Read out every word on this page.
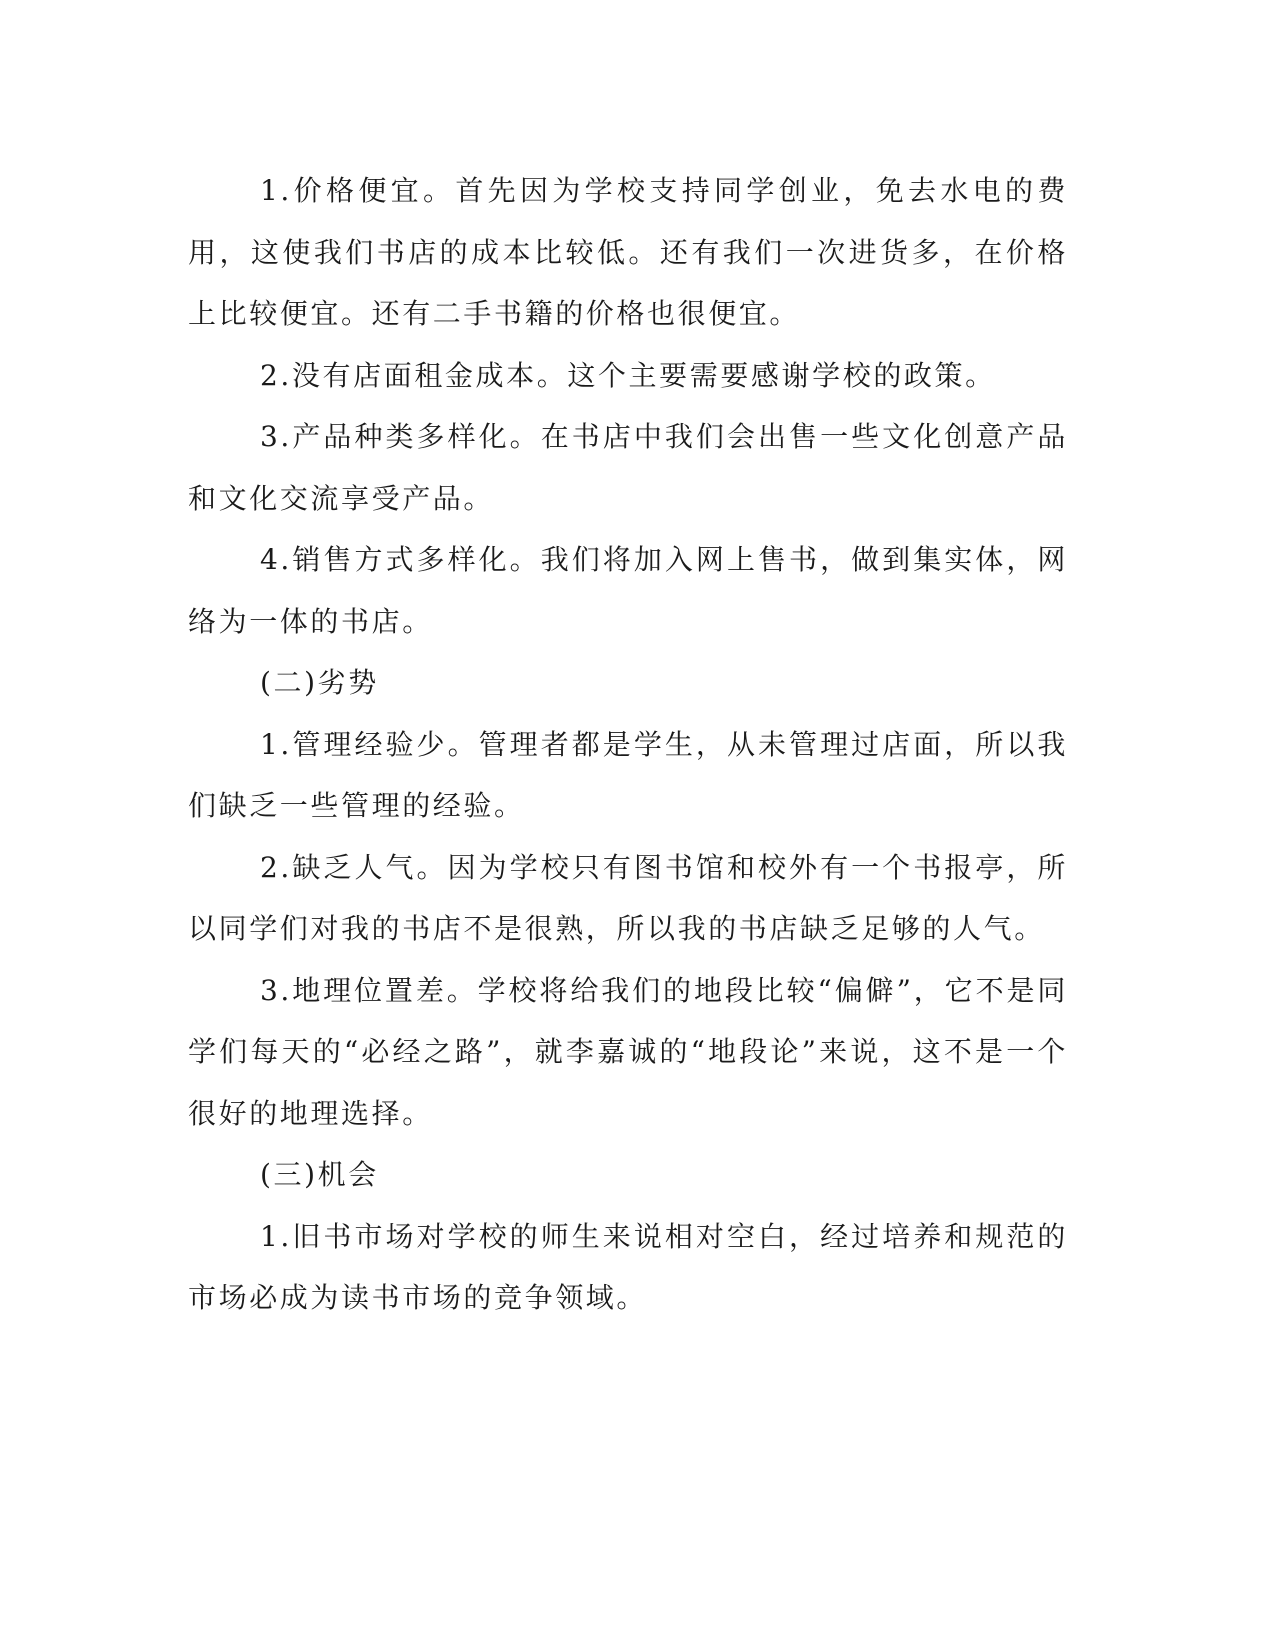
1.价格便宜。首先因为学校支持同学创业，免去水电的费用，这使我们书店的成本比较低。还有我们一次进货多，在价格上比较便宜。还有二手书籍的价格也很便宜。

2.没有店面租金成本。这个主要需要感谢学校的政策。

3.产品种类多样化。在书店中我们会出售一些文化创意产品和文化交流享受产品。

4.销售方式多样化。我们将加入网上售书，做到集实体，网络为一体的书店。

(二)劣势

1.管理经验少。管理者都是学生，从未管理过店面，所以我们缺乏一些管理的经验。

2.缺乏人气。因为学校只有图书馆和校外有一个书报亭，所以同学们对我的书店不是很熟，所以我的书店缺乏足够的人气。

3.地理位置差。学校将给我们的地段比较“偏僻”，它不是同学们每天的“必经之路”，就李嘉诚的“地段论”来说，这不是一个很好的地理选择。

(三)机会

1.旧书市场对学校的师生来说相对空白，经过培养和规范的市场必成为读书市场的竞争领域。
